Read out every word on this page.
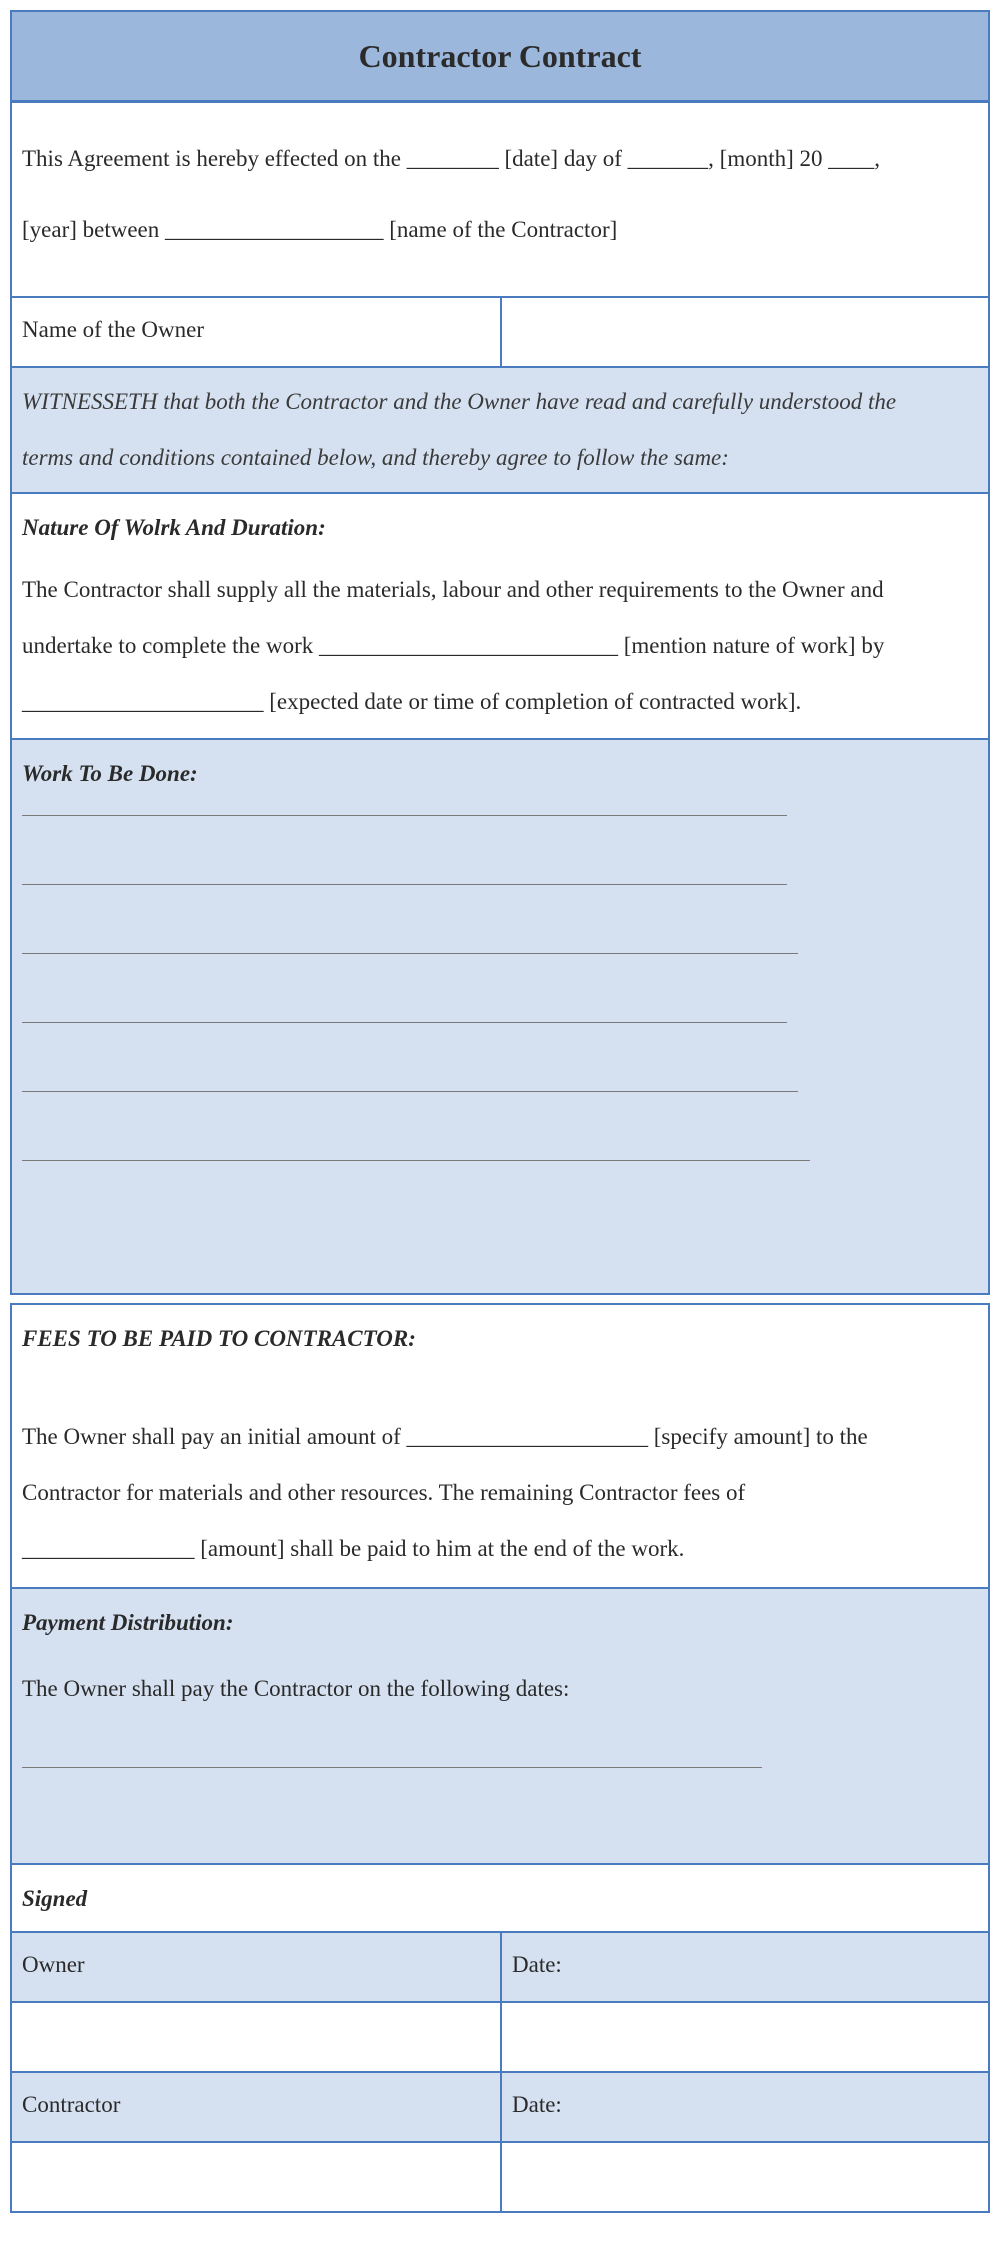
Contractor Contract
This Agreement is hereby effected on the ________ [date] day of _______, [month] 20 ____,
[year] between ___________________ [name of the Contractor]
Name of the Owner
WITNESSETH that both the Contractor and the Owner have read and carefully understood the
terms and conditions contained below, and thereby agree to follow the same:
Nature Of Wolrk And Duration:
The Contractor shall supply all the materials, labour and other requirements to the Owner and
undertake to complete the work __________________________ [mention nature of work] by
_____________________ [expected date or time of completion of contracted work].
Work To Be Done:
FEES TO BE PAID TO CONTRACTOR:
The Owner shall pay an initial amount of _____________________ [specify amount] to the
Contractor for materials and other resources. The remaining Contractor fees of
_______________ [amount] shall be paid to him at the end of the work.
Payment Distribution:
The Owner shall pay the Contractor on the following dates:
Signed
Owner	Date:
Contractor	Date:
